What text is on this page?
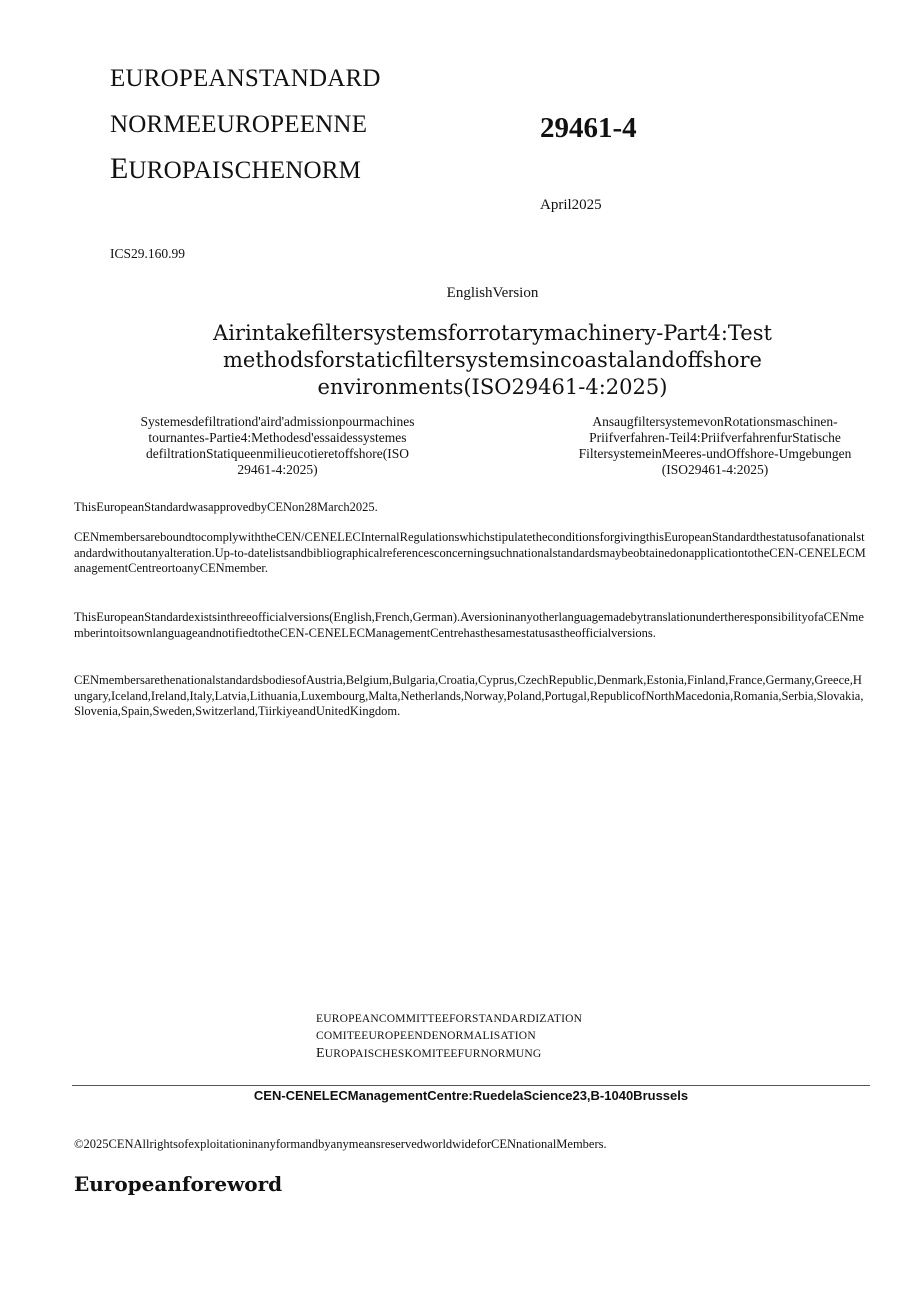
EUROPEANSTANDARD
NORMEEUROPEENNE
EUROPAISCHENORM
29461-4
April2025
ICS29.160.99
EnglishVersion
Airintakefiltersystemsforrotarymachinery-Part4:Test
methodsforstaticfiltersystemsincoastalandoffshore
environments(ISO29461-4:2025)
Systemesdefiltrationd'aird'admissionpourmachines
tournantes-Partie4:Methodesd'essaidessystemes
defiltrationStatiqueenmilieucotieretoffshore(ISO
29461-4:2025)
AnsaugfiltersystemevonRotationsmaschinen-
Priifverfahren-Teil4:PriifverfahrenfurStatische
FiltersystemeinMeeres-undOffshore-Umgebungen
(ISO29461-4:2025)
ThisEuropeanStandardwasapprovedbyCENon28March2025.
CENmembersareboundtocomplywiththeCEN/CENELECInternalRegulationswhichstipulatetheconditionsforgivingthisEuropeanStandardthestatusofanationalstandardwithoutanyalteration.Up-to-datelistsandbibliographicalreferencesconcerningsuchnationalstandardsmaybeobtainedonapplicationtotheCEN-CENELECManagementCentreortoanyCENmember.
ThisEuropeanStandardexistsinthreeofficialversions(English,French,German).AversioninanyotherlanguagemadebytranslationundertheresponsibilityofaCENmemberintoitsownlanguageandnotifiedtotheCEN-CENELECManagementCentrehasthesamestatusastheofficialversions.
CENmembersarethenationalstandardsbodiesofAustria,Belgium,Bulgaria,Croatia,Cyprus,CzechRepublic,Denmark,Estonia,Finland,France,Germany,Greece,Hungary,Iceland,Ireland,Italy,Latvia,Lithuania,Luxembourg,Malta,Netherlands,Norway,Poland,Portugal,RepublicofNorthMacedonia,Romania,Serbia,Slovakia,Slovenia,Spain,Sweden,Switzerland,TiirkiyeandUnitedKingdom.
EUROPEANCOMMITTEEFORSTANDARDIZATION
COMITEEUROPEENDENORMALISATION
EUROPAISCHESKOMITEEFURNORMUNG
CEN-CENELECManagementCentre:RuedelaScience23,B-1040Brussels
©2025CENAllrightsofexploitationinanyformandbyanymeansreservedworldwideforCENnationalMembers.
Europeanforeword
